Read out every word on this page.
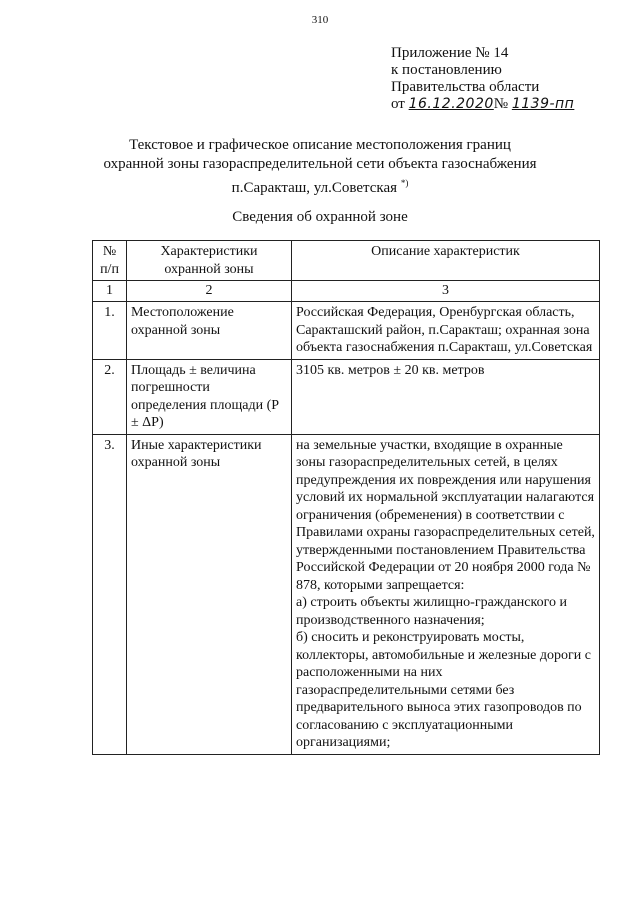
310
Приложение № 14
к постановлению
Правительства области
от 16.12.2020№ 1139-пп
Текстовое и графическое описание местоположения границ
охранной зоны газораспределительной сети объекта газоснабжения
п.Саракташ, ул.Советская *)
Сведения об охранной зоне
№ п/п	Характеристики охранной зоны	Описание характеристик
1	2	3
1.	Местоположение охранной зоны	Российская Федерация, Оренбургская область, Саракташский район, п.Саракташ; охранная зона объекта газоснабжения п.Саракташ, ул.Советская
2.	Площадь ± величина погрешности определения площади (P ± ΔP)	3105 кв. метров ± 20 кв. метров
3.	Иные характеристики охранной зоны	на земельные участки, входящие в охранные зоны газораспределительных сетей, в целях предупреждения их повреждения или нарушения условий их нормальной эксплуатации налагаются ограничения (обременения) в соответствии с Правилами охраны газораспределительных сетей, утвержденными постановлением Правительства Российской Федерации от 20 ноября 2000 года № 878, которыми запрещается:
а) строить объекты жилищно-гражданского и производственного назначения;
б) сносить и реконструировать мосты, коллекторы, автомобильные и железные дороги с расположенными на них газораспределительными сетями без предварительного выноса этих газопроводов по согласованию с эксплуатационными организациями;
